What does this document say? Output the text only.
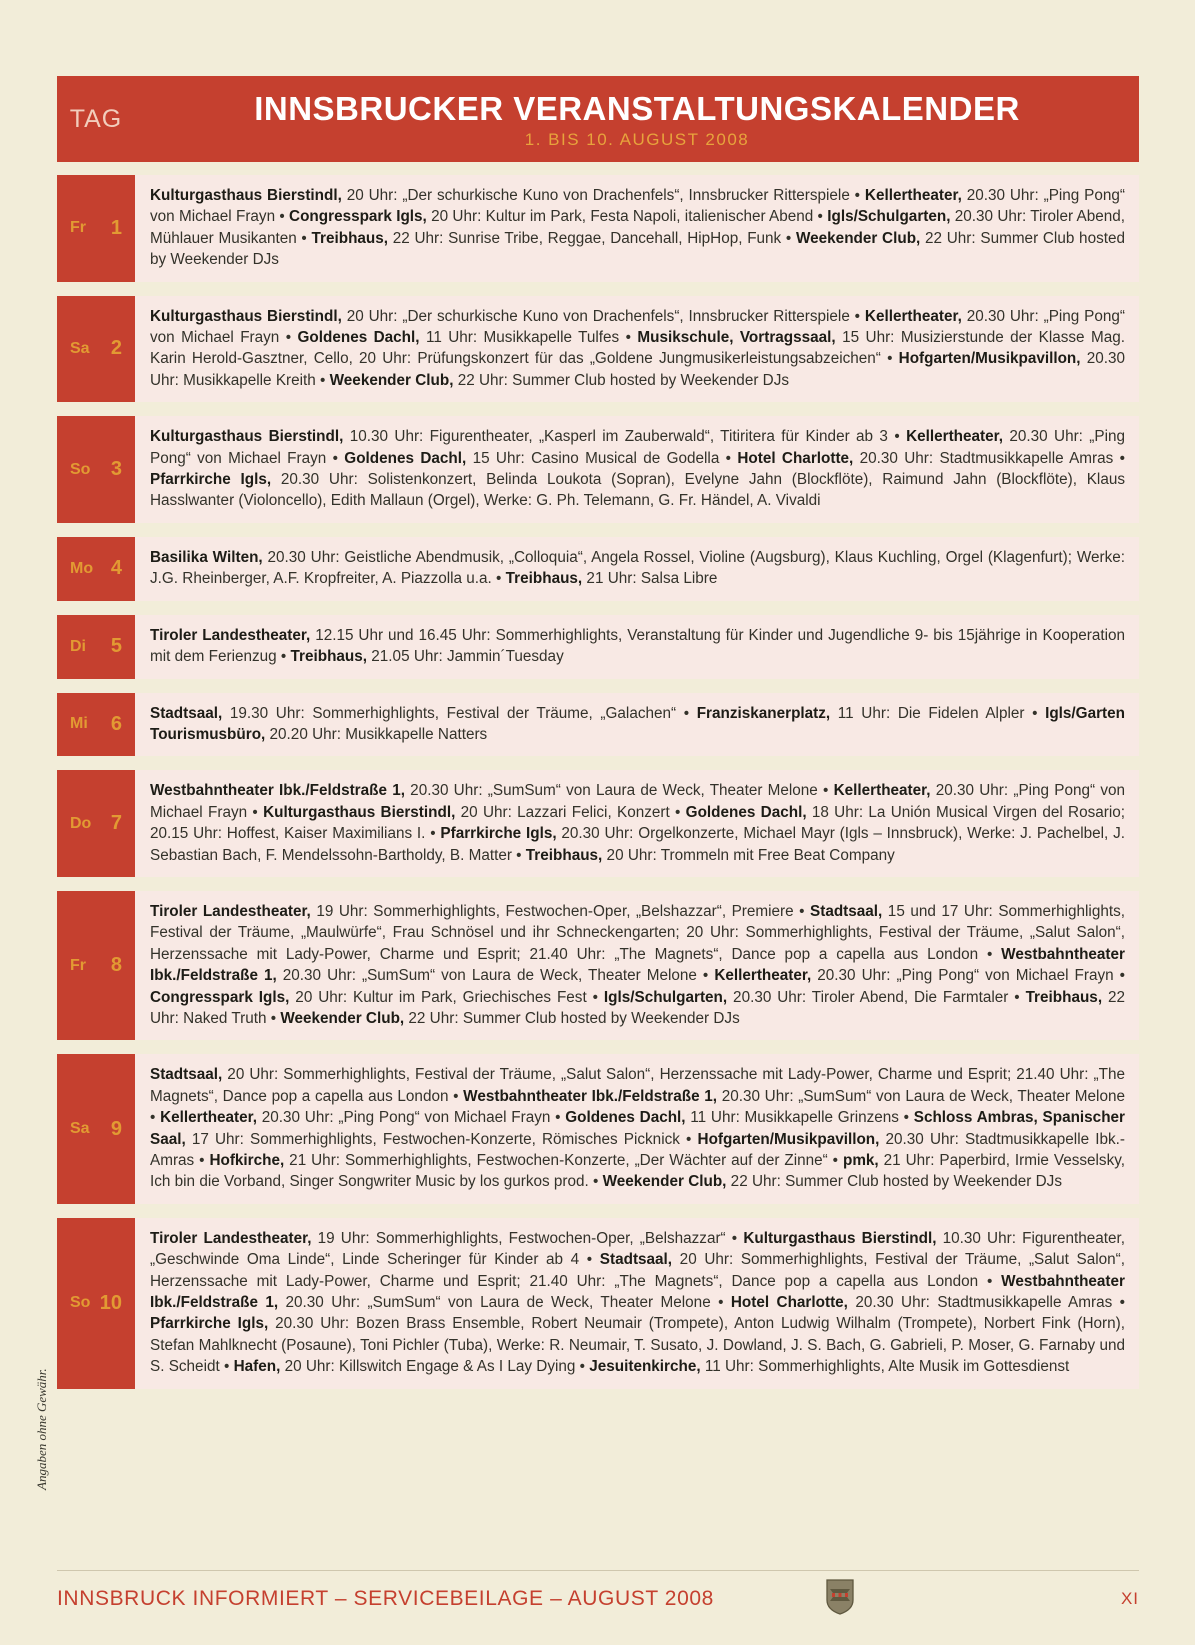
TAG	INNSBRUCKER VERANSTALTUNGSKALENDER
1. BIS 10. AUGUST 2008
Fr 1
Kulturgasthaus Bierstindl, 20 Uhr: „Der schurkische Kuno von Drachenfels“, Innsbrucker Ritterspiele • Kellertheater, 20.30 Uhr: „Ping Pong“ von Michael Frayn • Congresspark Igls, 20 Uhr: Kultur im Park, Festa Napoli, italienischer Abend • Igls/Schulgarten, 20.30 Uhr: Tiroler Abend, Mühlauer Musikanten • Treibhaus, 22 Uhr: Sunrise Tribe, Reggae, Dancehall, HipHop, Funk • Weekender Club, 22 Uhr: Summer Club hosted by Weekender DJs
Sa 2
Kulturgasthaus Bierstindl, 20 Uhr: „Der schurkische Kuno von Drachenfels“, Innsbrucker Ritterspiele • Kellertheater, 20.30 Uhr: „Ping Pong“ von Michael Frayn • Goldenes Dachl, 11 Uhr: Musikkapelle Tulfes • Musikschule, Vortragssaal, 15 Uhr: Musizierstunde der Klasse Mag. Karin Herold-Gasztner, Cello, 20 Uhr: Prüfungskonzert für das „Goldene Jungmusikerleistungsabzeichen“ • Hofgarten/Musikpavillon, 20.30 Uhr: Musikkapelle Kreith • Weekender Club, 22 Uhr: Summer Club hosted by Weekender DJs
So 3
Kulturgasthaus Bierstindl, 10.30 Uhr: Figurentheater, „Kasperl im Zauberwald“, Titiritera für Kinder ab 3 • Kellertheater, 20.30 Uhr: „Ping Pong“ von Michael Frayn • Goldenes Dachl, 15 Uhr: Casino Musical de Godella • Hotel Charlotte, 20.30 Uhr: Stadtmusikkapelle Amras • Pfarrkirche Igls, 20.30 Uhr: Solistenkonzert, Belinda Loukota (Sopran), Evelyne Jahn (Blockflöte), Raimund Jahn (Blockflöte), Klaus Hasslwanter (Violoncello), Edith Mallaun (Orgel), Werke: G. Ph. Telemann, G. Fr. Händel, A. Vivaldi
Mo 4	Basilika Wilten, 20.30 Uhr: Geistliche Abendmusik, „Colloquia“, Angela Rossel, Violine (Augsburg), Klaus Kuchling, Orgel (Klagenfurt); Werke: J.G. Rheinberger, A.F. Kropfreiter, A. Piazzolla u.a. • Treibhaus, 21 Uhr: Salsa Libre
Di 5	Tiroler Landestheater, 12.15 Uhr und 16.45 Uhr: Sommerhighlights, Veranstaltung für Kinder und Jugendliche 9- bis 15jährige in Kooperation mit dem Ferienzug • Treibhaus, 21.05 Uhr: Jammin´Tuesday
Mi 6	Stadtsaal, 19.30 Uhr: Sommerhighlights, Festival der Träume, „Galachen“ • Franziskanerplatz, 11 Uhr: Die Fidelen Alpler • Igls/Garten Tourismusbüro, 20.20 Uhr: Musikkapelle Natters
Do 7
Westbahntheater Ibk./Feldstraße 1, 20.30 Uhr: „SumSum“ von Laura de Weck, Theater Melone • Kellertheater, 20.30 Uhr: „Ping Pong“ von Michael Frayn • Kulturgasthaus Bierstindl, 20 Uhr: Lazzari Felici, Konzert • Goldenes Dachl, 18 Uhr: La Unión Musical Virgen del Rosario; 20.15 Uhr: Hoffest, Kaiser Maximilians I. • Pfarrkirche Igls, 20.30 Uhr: Orgelkonzerte, Michael Mayr (Igls – Innsbruck), Werke: J. Pachelbel, J. Sebastian Bach, F. Mendelssohn-Bartholdy, B. Matter • Treibhaus, 20 Uhr: Trommeln mit Free Beat Company
Fr 8
Tiroler Landestheater, 19 Uhr: Sommerhighlights, Festwochen-Oper, „Belshazzar“, Premiere • Stadtsaal, 15 und 17 Uhr: Sommerhighlights, Festival der Träume, „Maulwürfe“, Frau Schnösel und ihr Schneckengarten; 20 Uhr: Sommerhighlights, Festival der Träume, „Salut Salon“, Herzenssache mit Lady-Power, Charme und Esprit; 21.40 Uhr: „The Magnets“, Dance pop a capella aus London • Westbahntheater Ibk./Feldstraße 1, 20.30 Uhr: „SumSum“ von Laura de Weck, Theater Melone • Kellertheater, 20.30 Uhr: „Ping Pong“ von Michael Frayn • Congresspark Igls, 20 Uhr: Kultur im Park, Griechisches Fest • Igls/Schulgarten, 20.30 Uhr: Tiroler Abend, Die Farmtaler • Treibhaus, 22 Uhr: Naked Truth • Weekender Club, 22 Uhr: Summer Club hosted by Weekender DJs
Sa 9
Stadtsaal, 20 Uhr: Sommerhighlights, Festival der Träume, „Salut Salon“, Herzenssache mit Lady-Power, Charme und Esprit; 21.40 Uhr: „The Magnets“, Dance pop a capella aus London • Westbahntheater Ibk./Feldstraße 1, 20.30 Uhr: „SumSum“ von Laura de Weck, Theater Melone • Kellertheater, 20.30 Uhr: „Ping Pong“ von Michael Frayn • Goldenes Dachl, 11 Uhr: Musikkapelle Grinzens • Schloss Ambras, Spanischer Saal, 17 Uhr: Sommerhighlights, Festwochen-Konzerte, Römisches Picknick • Hofgarten/Musikpavillon, 20.30 Uhr: Stadtmusikkapelle Ibk.-Amras • Hofkirche, 21 Uhr: Sommerhighlights, Festwochen-Konzerte, „Der Wächter auf der Zinne“ • pmk, 21 Uhr: Paperbird, Irmie Vesselsky, Ich bin die Vorband, Singer Songwriter Music by los gurkos prod. • Weekender Club, 22 Uhr: Summer Club hosted by Weekender DJs
So 10
Tiroler Landestheater, 19 Uhr: Sommerhighlights, Festwochen-Oper, „Belshazzar“ • Kulturgasthaus Bierstindl, 10.30 Uhr: Figurentheater, „Geschwinde Oma Linde“, Linde Scheringer für Kinder ab 4 • Stadtsaal, 20 Uhr: Sommerhighlights, Festival der Träume, „Salut Salon“, Herzenssache mit Lady-Power, Charme und Esprit; 21.40 Uhr: „The Magnets“, Dance pop a capella aus London • Westbahntheater Ibk./Feldstraße 1, 20.30 Uhr: „SumSum“ von Laura de Weck, Theater Melone • Hotel Charlotte, 20.30 Uhr: Stadtmusikkapelle Amras • Pfarrkirche Igls, 20.30 Uhr: Bozen Brass Ensemble, Robert Neumair (Trompete), Anton Ludwig Wilhalm (Trompete), Norbert Fink (Horn), Stefan Mahlknecht (Posaune), Toni Pichler (Tuba), Werke: R. Neumair, T. Susato, J. Dowland, J. S. Bach, G. Gabrieli, P. Moser, G. Farnaby und S. Scheidt • Hafen, 20 Uhr: Killswitch Engage & As I Lay Dying • Jesuitenkirche, 11 Uhr: Sommerhighlights, Alte Musik im Gottesdienst
Angaben ohne Gewähr.
INNSBRUCK INFORMIERT – SERVICEBEILAGE – AUGUST 2008	XI
